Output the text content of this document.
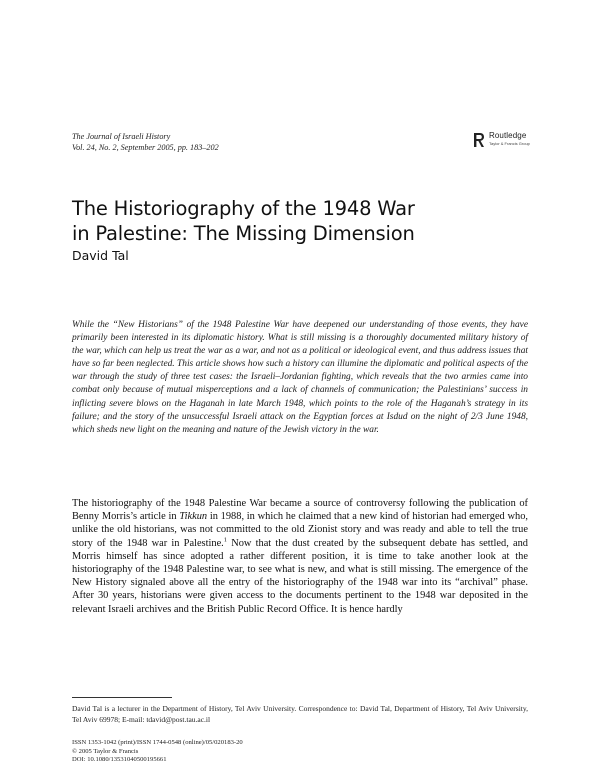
The Journal of Israeli History
Vol. 24, No. 2, September 2005, pp. 183–202
Routledge
Taylor & Francis Group
The Historiography of the 1948 War
in Palestine: The Missing Dimension
David Tal

While the “New Historians” of the 1948 Palestine War have deepened our understanding of those events, they have primarily been interested in its diplomatic history. What is still missing is a thoroughly documented military history of the war, which can help us treat the war as a war, and not as a political or ideological event, and thus address issues that have so far been neglected. This article shows how such a history can illumine the diplomatic and political aspects of the war through the study of three test cases: the Israeli–Jordanian fighting, which reveals that the two armies came into combat only because of mutual misperceptions and a lack of channels of communication; the Palestinians’ success in inflicting severe blows on the Haganah in late March 1948, which points to the role of the Haganah’s strategy in its failure; and the story of the unsuccessful Israeli attack on the Egyptian forces at Isdud on the night of 2/3 June 1948, which sheds new light on the meaning and nature of the Jewish victory in the war.

The historiography of the 1948 Palestine War became a source of controversy following the publication of Benny Morris’s article in Tikkun in 1988, in which he claimed that a new kind of historian had emerged who, unlike the old historians, was not committed to the old Zionist story and was ready and able to tell the true story of the 1948 war in Palestine.$^1$ Now that the dust created by the subsequent debate has settled, and Morris himself has since adopted a rather different position, it is time to take another look at the historiography of the 1948 Palestine war, to see what is new, and what is still missing. The emergence of the New History signaled above all the entry of the historiography of the 1948 war into its “archival” phase. After 30 years, historians were given access to the documents pertinent to the 1948 war deposited in the relevant Israeli archives and the British Public Record Office. It is hence hardly

David Tal is a lecturer in the Department of History, Tel Aviv University. Correspondence to: David Tal, Department of History, Tel Aviv University, Tel Aviv 69978; E-mail: tdavid@post.tau.ac.il

ISSN 1353-1042 (print)/ISSN 1744-0548 (online)/05/020183-20
© 2005 Taylor & Francis
DOI: 10.1080/13531040500195661
